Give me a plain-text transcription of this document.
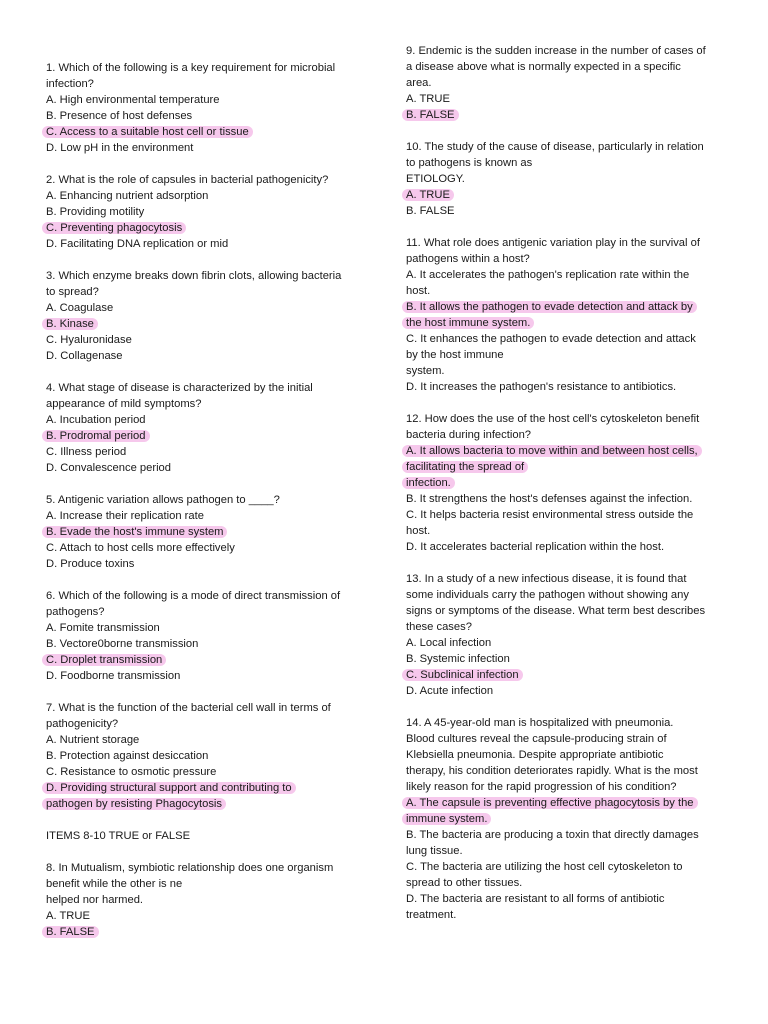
1. Which of the following is a key requirement for microbial
infection?
A. High environmental temperature
B. Presence of host defenses
C. Access to a suitable host cell or tissue
D. Low pH in the environment
2. What is the role of capsules in bacterial pathogenicity?
A. Enhancing nutrient adsorption
B. Providing motility
C. Preventing phagocytosis
D. Facilitating DNA replication or mid
3. Which enzyme breaks down fibrin clots, allowing bacteria
to spread?
A. Coagulase
B. Kinase
C. Hyaluronidase
D. Collagenase
4. What stage of disease is characterized by the initial
appearance of mild symptoms?
A. Incubation period
B. Prodromal period
C. Illness period
D. Convalescence period
5. Antigenic variation allows pathogen to ____?
A. Increase their replication rate
B. Evade the host's immune system
C. Attach to host cells more effectively
D. Produce toxins
6. Which of the following is a mode of direct transmission of
pathogens?
A. Fomite transmission
B. Vectore0borne transmission
C. Droplet transmission
D. Foodborne transmission
7. What is the function of the bacterial cell wall in terms of
pathogenicity?
A. Nutrient storage
B. Protection against desiccation
C. Resistance to osmotic pressure
D. Providing structural support and contributing to
pathogen by resisting Phagocytosis
ITEMS 8-10 TRUE or FALSE
8. In Mutualism, symbiotic relationship does one organism
benefit while the other is ne
helped nor harmed.
A. TRUE
B. FALSE
9. Endemic is the sudden increase in the number of cases of
a disease above what is normally expected in a specific
area.
A. TRUE
B. FALSE
10. The study of the cause of disease, particularly in relation
to pathogens is known as
ETIOLOGY.
A. TRUE
B. FALSE
11. What role does antigenic variation play in the survival of
pathogens within a host?
A. It accelerates the pathogen's replication rate within the
host.
B. It allows the pathogen to evade detection and attack by
the host immune system.
C. It enhances the pathogen to evade detection and attack
by the host immune
system.
D. It increases the pathogen's resistance to antibiotics.
12. How does the use of the host cell's cytoskeleton benefit
bacteria during infection?
A. It allows bacteria to move within and between host cells,
facilitating the spread of
infection.
B. It strengthens the host's defenses against the infection.
C. It helps bacteria resist environmental stress outside the
host.
D. It accelerates bacterial replication within the host.
13. In a study of a new infectious disease, it is found that
some individuals carry the pathogen without showing any
signs or symptoms of the disease. What term best describes
these cases?
A. Local infection
B. Systemic infection
C. Subclinical infection
D. Acute infection
14. A 45-year-old man is hospitalized with pneumonia.
Blood cultures reveal the capsule-producing strain of
Klebsiella pneumonia. Despite appropriate antibiotic
therapy, his condition deteriorates rapidly. What is the most
likely reason for the rapid progression of his condition?
A. The capsule is preventing effective phagocytosis by the
immune system.
B. The bacteria are producing a toxin that directly damages
lung tissue.
C. The bacteria are utilizing the host cell cytoskeleton to
spread to other tissues.
D. The bacteria are resistant to all forms of antibiotic
treatment.
